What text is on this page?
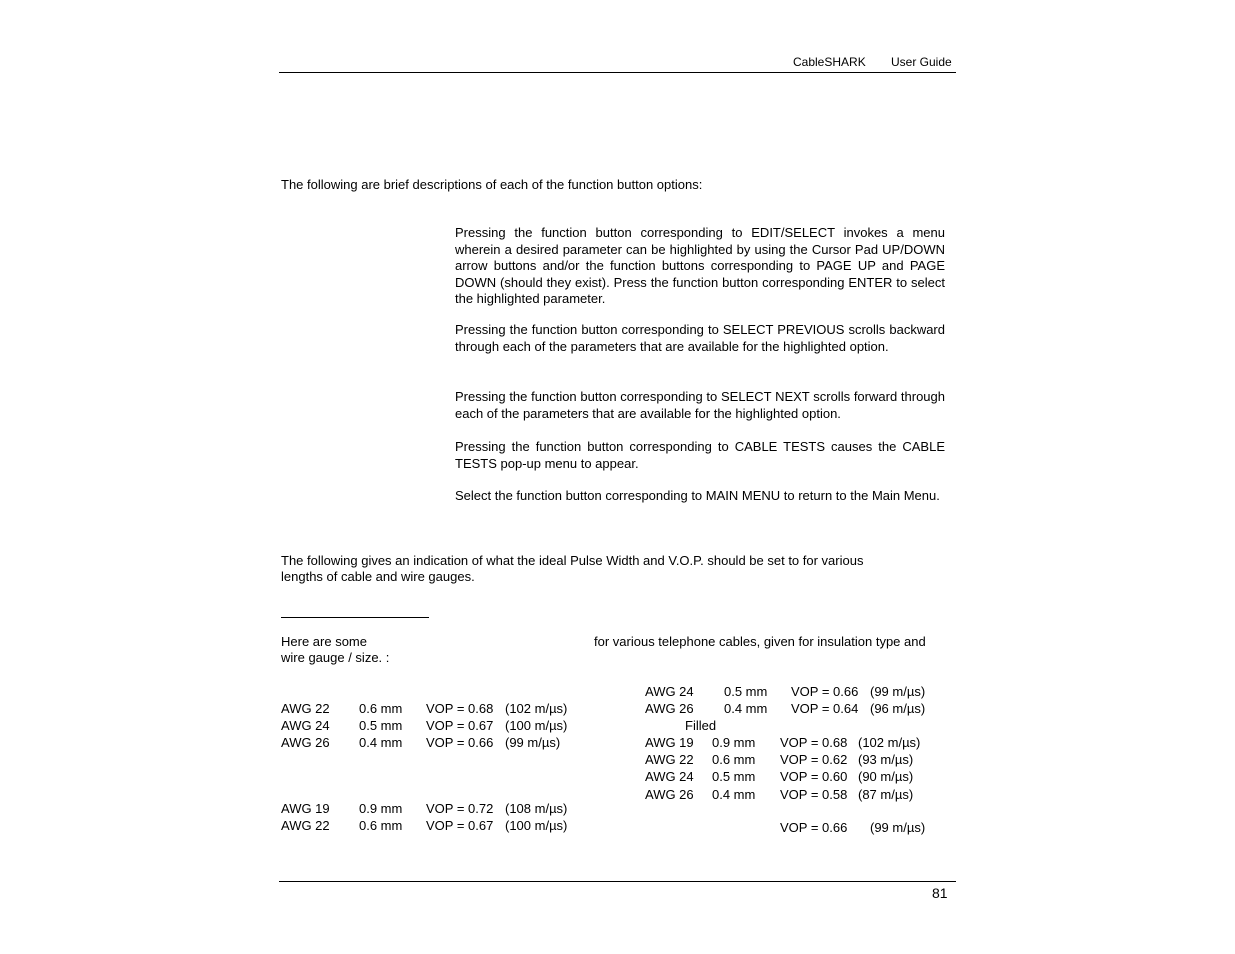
CableSHARK User Guide
The following are brief descriptions of each of the function button options:
Pressing the function button corresponding to EDIT/SELECT invokes a menu wherein a desired parameter can be highlighted by using the Cursor Pad UP/DOWN arrow buttons and/or the function buttons corresponding to PAGE UP and PAGE DOWN (should they exist). Press the function button corresponding ENTER to select the highlighted parameter.
Pressing the function button corresponding to SELECT PREVIOUS scrolls backward through each of the parameters that are available for the highlighted option.
Pressing the function button corresponding to SELECT NEXT scrolls forward through each of the parameters that are available for the highlighted option.
Pressing the function button corresponding to CABLE TESTS causes the CABLE TESTS pop-up menu to appear.
Select the function button corresponding to MAIN MENU to return to the Main Menu.
The following gives an indication of what the ideal Pulse Width and V.O.P. should be set to for various
lengths of cable and wire gauges.
Here are some	for various telephone cables, given for insulation type and
wire gauge / size. :
AWG 22 0.6 mm VOP = 0.68 (102 m/µs)
AWG 24 0.5 mm VOP = 0.67 (100 m/µs)
AWG 26 0.4 mm VOP = 0.66 (99 m/µs)
AWG 19 0.9 mm VOP = 0.72 (108 m/µs)
AWG 22 0.6 mm VOP = 0.67 (100 m/µs)
AWG 24 0.5 mm VOP = 0.66 (99 m/µs)
AWG 26 0.4 mm VOP = 0.64 (96 m/µs)
Filled
AWG 19 0.9 mm VOP = 0.68 (102 m/µs)
AWG 22 0.6 mm VOP = 0.62 (93 m/µs)
AWG 24 0.5 mm VOP = 0.60 (90 m/µs)
AWG 26 0.4 mm VOP = 0.58 (87 m/µs)
VOP = 0.66 (99 m/µs)
81
